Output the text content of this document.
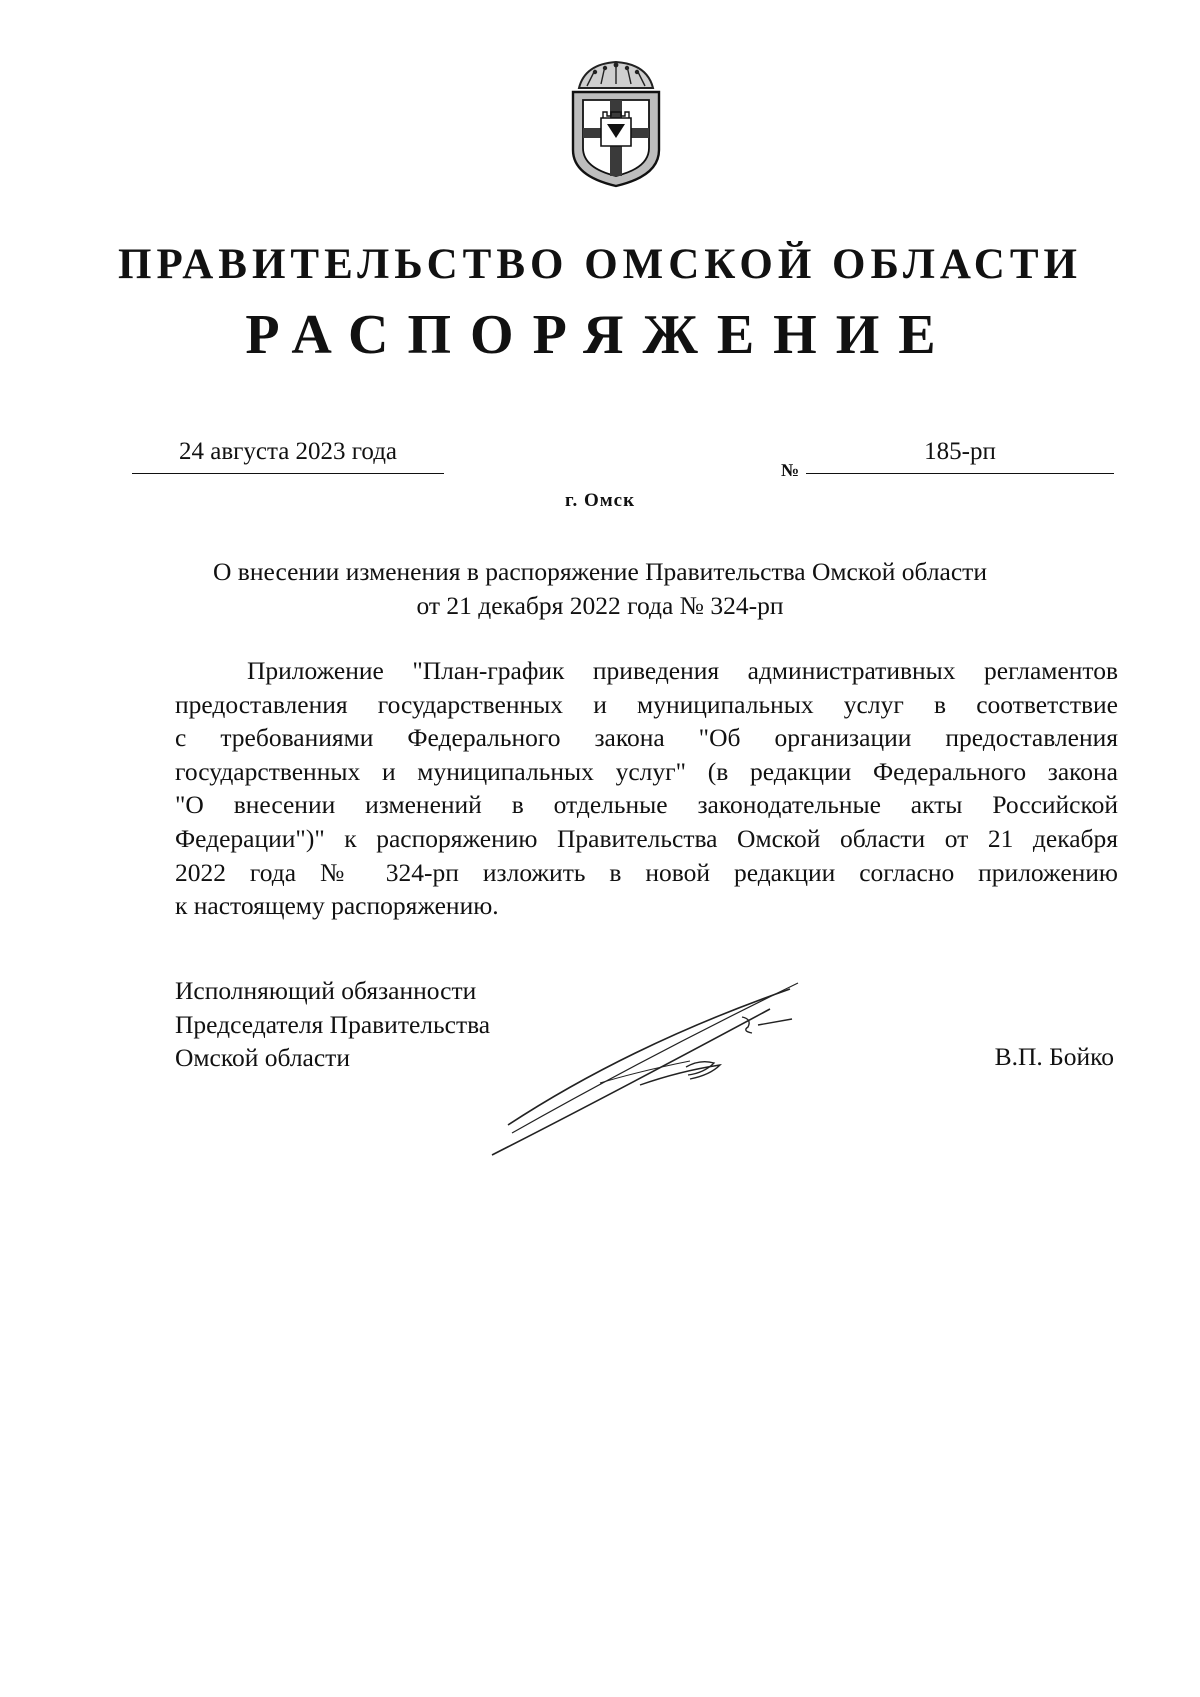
ПРАВИТЕЛЬСТВО ОМСКОЙ ОБЛАСТИ
РАСПОРЯЖЕНИЕ
24 августа 2023 года
№
185-рп
г. Омск
О внесении изменения в распоряжение Правительства Омской области
от 21 декабря 2022 года № 324-рп
Приложение "План-график приведения административных регламентов
предоставления государственных и муниципальных услуг в соответствие
с требованиями Федерального закона "Об организации предоставления
государственных и муниципальных услуг" (в редакции Федерального закона
"О внесении изменений в отдельные законодательные акты Российской
Федерации")" к распоряжению Правительства Омской области от 21 декабря
2022 года № 324-рп изложить в новой редакции согласно приложению
к настоящему распоряжению.
Исполняющий обязанности
Председателя Правительства
Омской области	В.П. Бойко
